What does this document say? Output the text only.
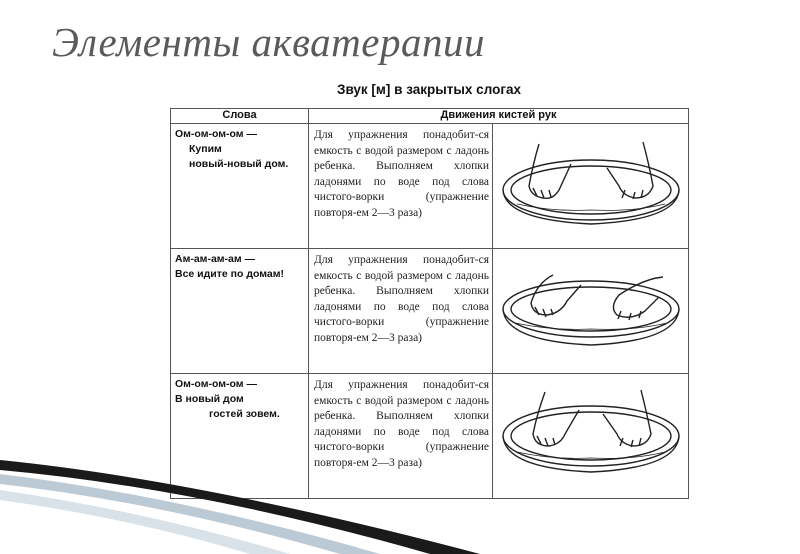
Элементы акватерапии
Звук [м] в закрытых слогах
Слова	Движения кистей рук	

Ом-ом-ом-ом —
Купим
новый-новый дом.	Для упражнения понадобит-ся емкость с водой размером с ладонь ребенка. Выполняем хлопки ладонями по воде под слова чистого-ворки (упражнение повторя-ем 2—3 раза)	

Ам-ам-ам-ам —
Все идите по домам!	Для упражнения понадобит-ся емкость с водой размером с ладонь ребенка. Выполняем хлопки ладонями по воде под слова чистого-ворки (упражнение повторя-ем 2—3 раза)	

Ом-ом-ом-ом —
В новый дом
гостей зовем.	Для упражнения понадобит-ся емкость с водой размером с ладонь ребенка. Выполняем хлопки ладонями по воде под слова чистого-ворки (упражнение повторя-ем 2—3 раза)	
